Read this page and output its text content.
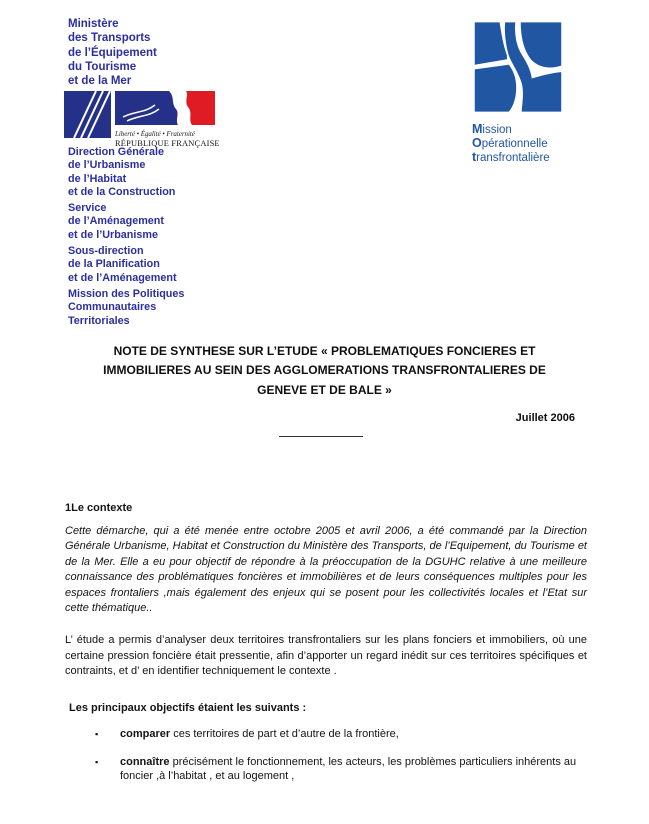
Ministère
des Transports
de l’Équipement
du Tourisme
et de la Mer
Liberté • Égalité • Fraternité
RÉPUBLIQUE FRANÇAISE
Direction Générale
de l’Urbanisme
de l’Habitat
et de la Construction
Service
de l’Aménagement
et de l’Urbanisme
Sous-direction
de la Planification
et de l’Aménagement
Mission des Politiques
Communautaires
Territoriales
Mission
Opérationnelle
transfrontalière
NOTE DE SYNTHESE SUR L’ETUDE « PROBLEMATIQUES FONCIERES ET
IMMOBILIERES AU SEIN DES AGGLOMERATIONS TRANSFRONTALIERES DE
GENEVE ET DE BALE »
Juillet 2006
1Le contexte

Cette démarche, qui a été menée entre octobre 2005 et avril 2006, a été commandé par la Direction Générale Urbanisme, Habitat et Construction du Ministère des Transports, de l’Equipement, du Tourisme et de la Mer. Elle a eu pour objectif de répondre à la préoccupation de la DGUHC relative à une meilleure connaissance des problématiques foncières et immobilières et de leurs conséquences multiples pour les espaces frontaliers ,mais également des enjeux qui se posent pour les collectivités locales et l’Etat sur cette thématique..

L’ étude a permis d’analyser deux territoires transfrontaliers sur les plans fonciers et immobiliers, où une certaine pression foncière était pressentie, afin d’apporter un regard inédit sur ces territoires spécifiques et contraints, et d’ en identifier techniquement le contexte .

Les principaux objectifs étaient les suivants :
▪	comparer ces territoires de part et d’autre de la frontière,
▪	connaître précisément le fonctionnement, les acteurs, les problèmes particuliers inhérents au foncier ,à l’habitat , et au logement ,
